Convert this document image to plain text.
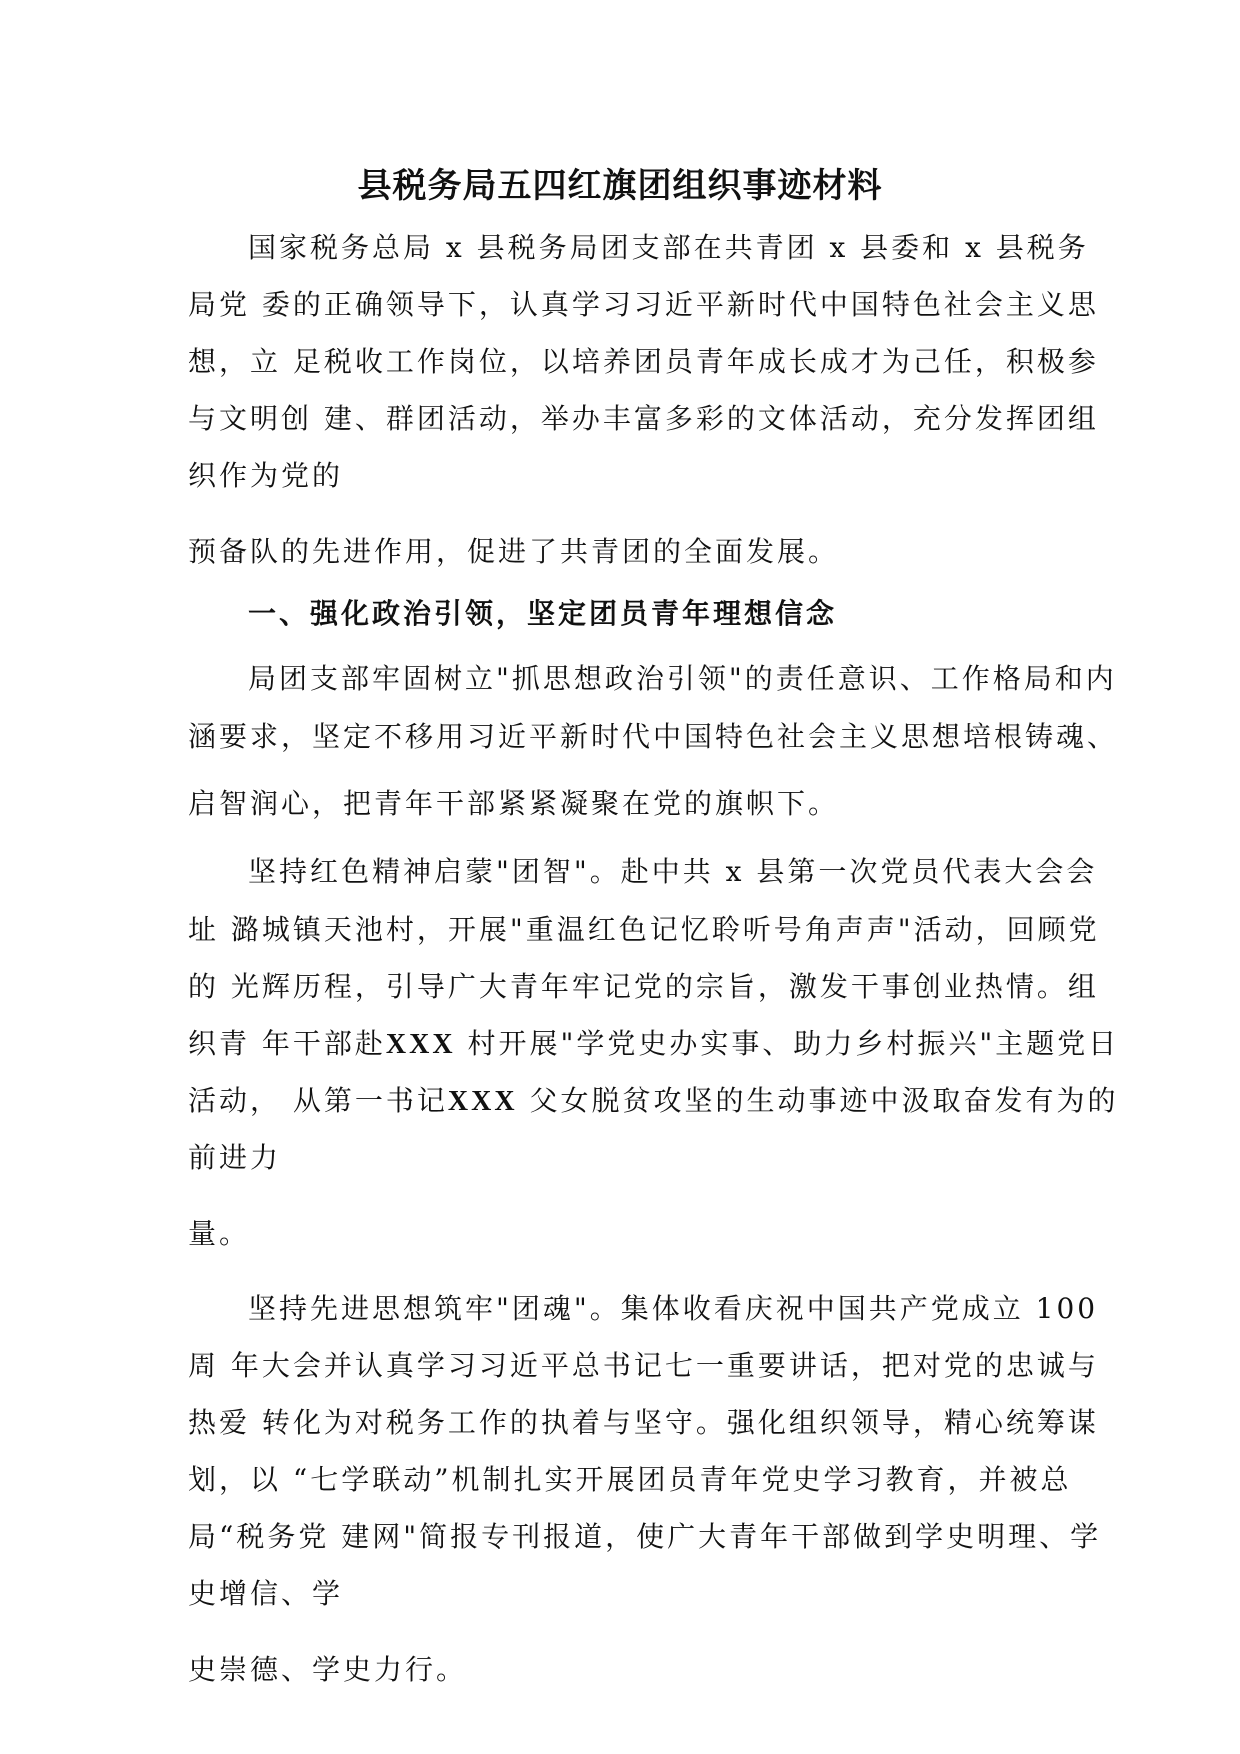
县税务局五四红旗团组织事迹材料
国家税务总局 x 县税务局团支部在共青团 x 县委和 x 县税务
局党 委的正确领导下，认真学习习近平新时代中国特色社会主义思
想，立 足税收工作岗位，以培养团员青年成长成才为己任，积极参
与文明创 建、群团活动，举办丰富多彩的文体活动，充分发挥团组
织作为党的
预备队的先进作用，促进了共青团的全面发展。
一、强化政治引领，坚定团员青年理想信念
局团支部牢固树立"抓思想政治引领"的责任意识、工作格局和内
涵要求，坚定不移用习近平新时代中国特色社会主义思想培根铸魂、
启智润心，把青年干部紧紧凝聚在党的旗帜下。
坚持红色精神启蒙"团智"。赴中共 x 县第一次党员代表大会会
址 潞城镇天池村，开展"重温红色记忆聆听号角声声"活动，回顾党
的 光辉历程，引导广大青年牢记党的宗旨，激发干事创业热情。组
织青 年干部赴XXX 村开展"学党史办实事、助力乡村振兴"主题党日
活动， 从第一书记XXX 父女脱贫攻坚的生动事迹中汲取奋发有为的
前进力
量。
坚持先进思想筑牢"团魂"。集体收看庆祝中国共产党成立 100
周 年大会并认真学习习近平总书记七一重要讲话，把对党的忠诚与
热爱 转化为对税务工作的执着与坚守。强化组织领导，精心统筹谋
划，以 “七学联动”机制扎实开展团员青年党史学习教育，并被总
局“税务党 建网"简报专刊报道，使广大青年干部做到学史明理、学
史增信、学
史崇德、学史力行。
